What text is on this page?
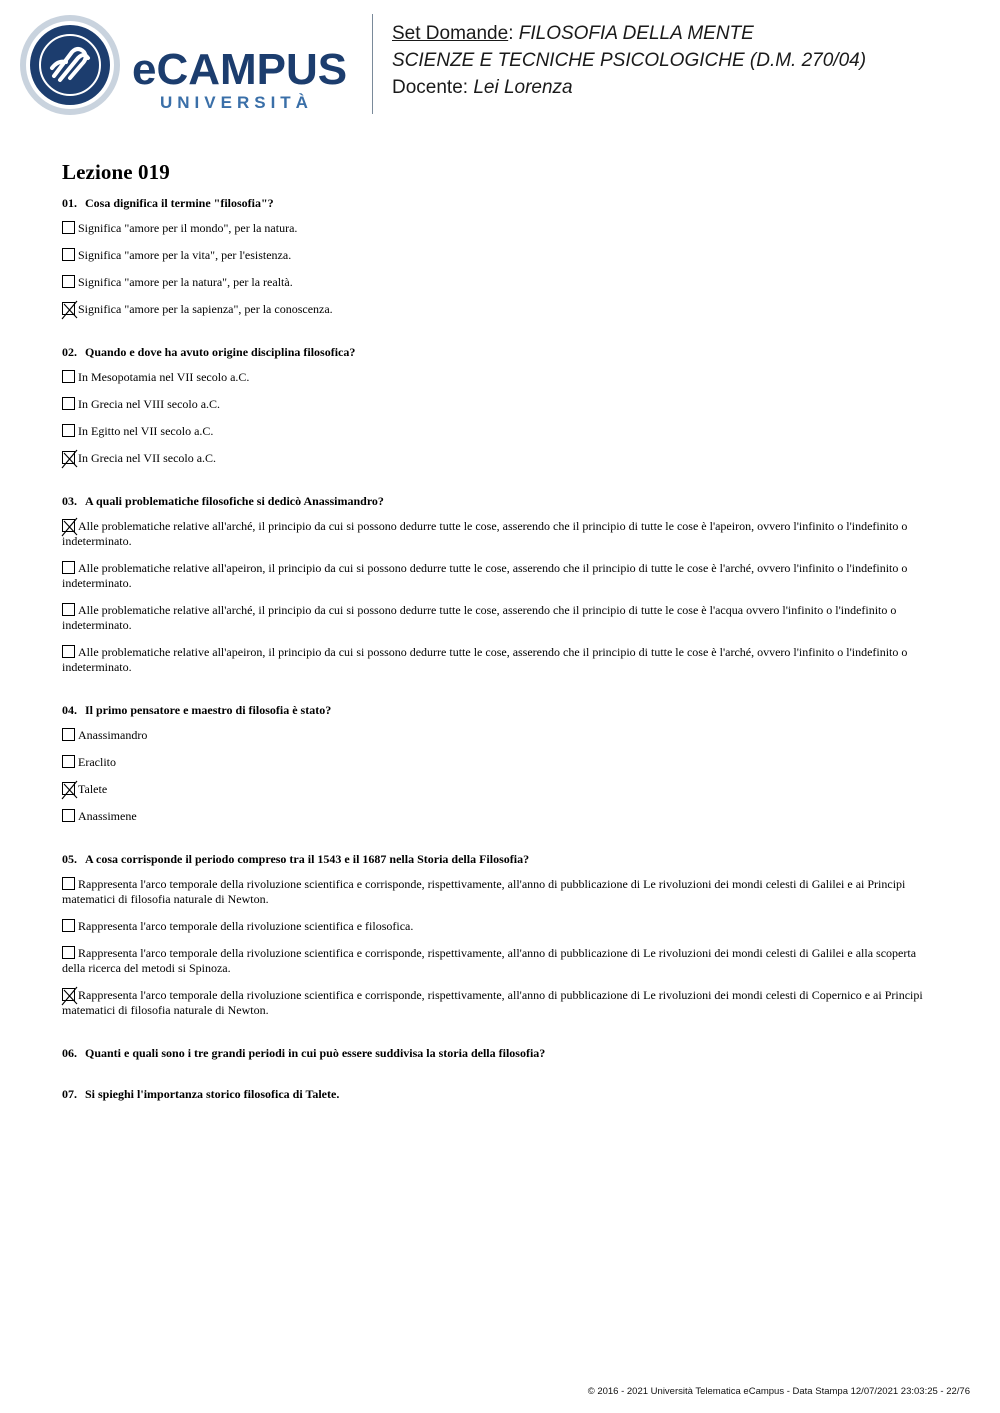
eCAMPUS
UNIVERSITÀ
Set Domande: FILOSOFIA DELLA MENTE
SCIENZE E TECNICHE PSICOLOGICHE (D.M. 270/04)
Docente: Lei Lorenza
Lezione 019
01. Cosa dignifica il termine "filosofia"?
Significa "amore per il mondo", per la natura.
Significa "amore per la vita", per l'esistenza.
Significa "amore per la natura", per la realtà.
Significa "amore per la sapienza", per la conoscenza.
02. Quando e dove ha avuto origine disciplina filosofica?
In Mesopotamia nel VII secolo a.C.
In Grecia nel VIII secolo a.C.
In Egitto nel VII secolo a.C.
In Grecia nel VII secolo a.C.
03. A quali problematiche filosofiche si dedicò Anassimandro?
Alle problematiche relative all'arché, il principio da cui si possono dedurre tutte le cose, asserendo che il principio di tutte le cose è l'apeiron, ovvero l'infinito o l'indefinito o indeterminato.
Alle problematiche relative all'apeiron, il principio da cui si possono dedurre tutte le cose, asserendo che il principio di tutte le cose è l'arché, ovvero l'infinito o l'indefinito o indeterminato.
Alle problematiche relative all'arché, il principio da cui si possono dedurre tutte le cose, asserendo che il principio di tutte le cose è l'acqua ovvero l'infinito o l'indefinito o indeterminato.
Alle problematiche relative all'apeiron, il principio da cui si possono dedurre tutte le cose, asserendo che il principio di tutte le cose è l'arché, ovvero l'infinito o l'indefinito o indeterminato.
04. Il primo pensatore e maestro di filosofia è stato?
Anassimandro
Eraclito
Talete
Anassimene
05. A cosa corrisponde il periodo compreso tra il 1543 e il 1687 nella Storia della Filosofia?
Rappresenta l'arco temporale della rivoluzione scientifica e corrisponde, rispettivamente, all'anno di pubblicazione di Le rivoluzioni dei mondi celesti di Galilei e ai Principi matematici di filosofia naturale di Newton.
Rappresenta l'arco temporale della rivoluzione scientifica e filosofica.
Rappresenta l'arco temporale della rivoluzione scientifica e corrisponde, rispettivamente, all'anno di pubblicazione di Le rivoluzioni dei mondi celesti di Galilei e alla scoperta della ricerca del metodi si Spinoza.
Rappresenta l'arco temporale della rivoluzione scientifica e corrisponde, rispettivamente, all'anno di pubblicazione di Le rivoluzioni dei mondi celesti di Copernico e ai Principi matematici di filosofia naturale di Newton.
06. Quanti e quali sono i tre grandi periodi in cui può essere suddivisa la storia della filosofia?
07. Si spieghi l'importanza storico filosofica di Talete.
© 2016 - 2021 Università Telematica eCampus - Data Stampa 12/07/2021 23:03:25 - 22/76
